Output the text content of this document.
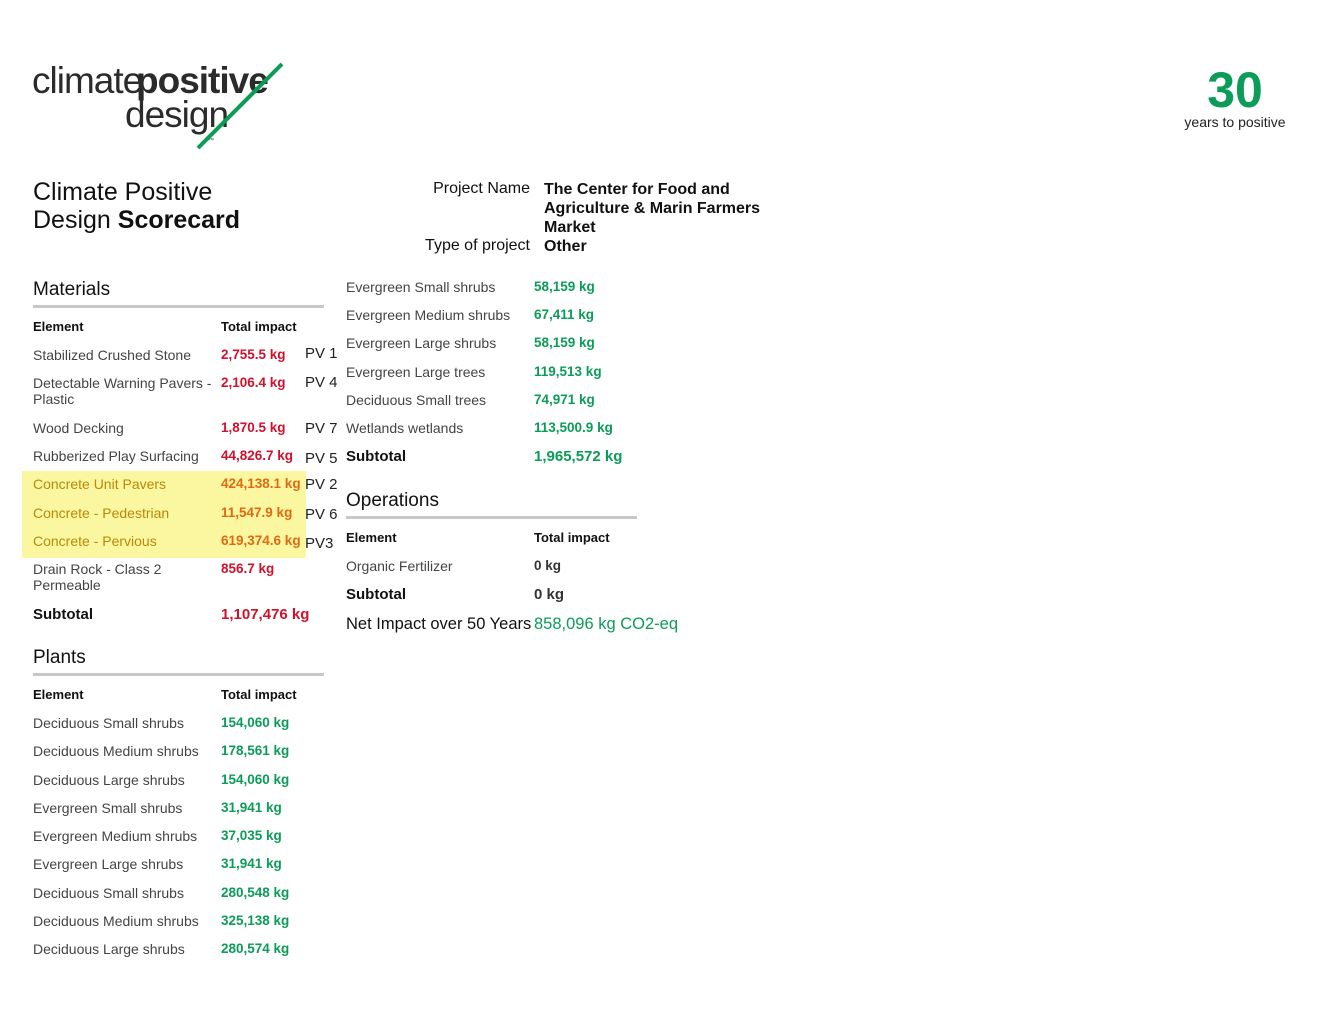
climate
positive
design
™
30
years to positive
Climate Positive
Design Scorecard
Project Name The Center for Food and Agriculture & Marin Farmers Market
Type of project Other
Materials
Element	Total impact
Stabilized Crushed Stone	2,755.5 kg PV 1
Detectable Warning Pavers - Plastic
2,106.4 kg PV 4
Wood Decking	1,870.5 kg PV 7
Rubberized Play Surfacing	44,826.7 kg PV 5
Concrete Unit Pavers	424,138.1 kg PV 2
Concrete - Pedestrian	11,547.9 kg PV 6
Concrete - Pervious	619,374.6 kg PV3
Drain Rock - Class 2 Permeable
856.7 kg
Subtotal	1,107,476 kg
Plants
Element	Total impact
Deciduous Small shrubs	154,060 kg
Deciduous Medium shrubs 178,561 kg
Deciduous Large shrubs	154,060 kg
Evergreen Small shrubs	31,941 kg
Evergreen Medium shrubs 37,035 kg
Evergreen Large shrubs	31,941 kg
Deciduous Small shrubs	280,548 kg
Deciduous Medium shrubs 325,138 kg
Deciduous Large shrubs	280,574 kg
Evergreen Small shrubs	58,159 kg
Evergreen Medium shrubs 67,411 kg
Evergreen Large shrubs	58,159 kg
Evergreen Large trees	119,513 kg
Deciduous Small trees	74,971 kg
Wetlands wetlands	113,500.9 kg
Subtotal	1,965,572 kg
Operations
Element	Total impact
Organic Fertilizer	0 kg
Subtotal	0 kg
Net Impact over 50 Years 858,096 kg CO2-eq
